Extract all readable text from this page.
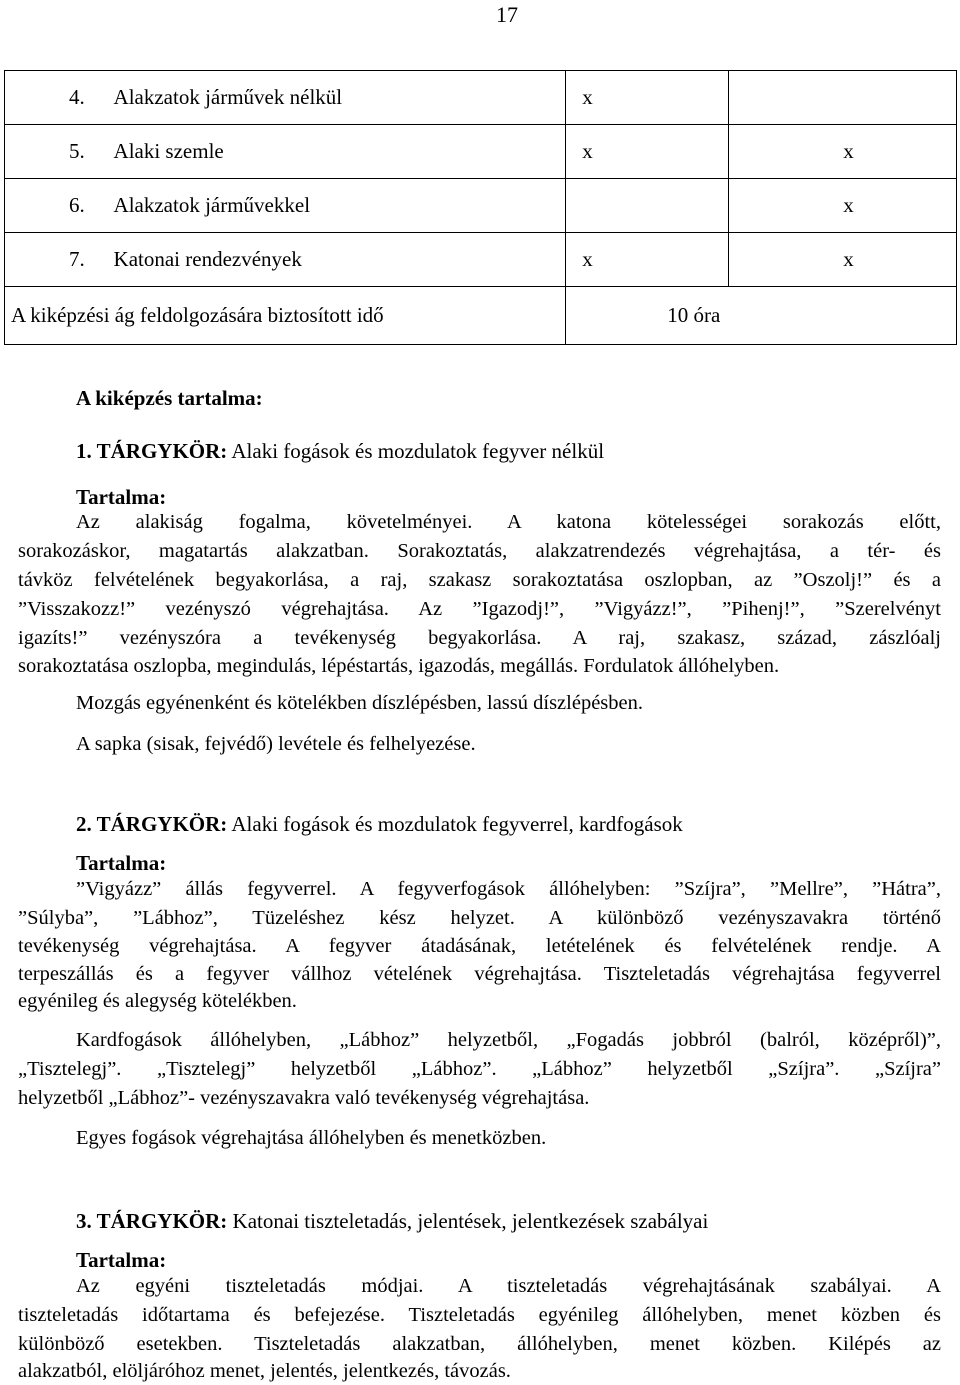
17
4.	Alakzatok járművek nélkül	x	
5.	Alaki szemle	x	x
6.	Alakzatok járművekkel		x
7.	Katonai rendezvények	x	x
A kiképzési ág feldolgozására biztosított idő		10 óra	
A kiképzés tartalma:
1. TÁRGYKÖR: Alaki fogások és mozdulatok fegyver nélkül
Tartalma:
Az alakiság fogalma, követelményei. A katona kötelességei sorakozás előtt,
sorakozáskor, magatartás alakzatban. Sorakoztatás, alakzatrendezés végrehajtása, a tér- és
távköz felvételének begyakorlása, a raj, szakasz sorakoztatása oszlopban, az ”Oszolj!” és a
”Visszakozz!” vezényszó végrehajtása. Az ”Igazodj!”, ”Vigyázz!”, ”Pihenj!”, ”Szerelvényt
igazíts!” vezényszóra a tevékenység begyakorlása. A raj, szakasz, század, zászlóalj
sorakoztatása oszlopba, megindulás, lépéstartás, igazodás, megállás. Fordulatok állóhelyben.
Mozgás egyénenként és kötelékben díszlépésben, lassú díszlépésben.
A sapka (sisak, fejvédő) levétele és felhelyezése.
2. TÁRGYKÖR: Alaki fogások és mozdulatok fegyverrel, kardfogások
Tartalma:
”Vigyázz” állás fegyverrel. A fegyverfogások állóhelyben: ”Szíjra”, ”Mellre”, ”Hátra”,
”Súlyba”, ”Lábhoz”, Tüzeléshez kész helyzet. A különböző vezényszavakra történő
tevékenység végrehajtása. A fegyver átadásának, letételének és felvételének rendje. A
terpeszállás és a fegyver vállhoz vételének végrehajtása. Tiszteletadás végrehajtása fegyverrel
egyénileg és alegység kötelékben.
Kardfogások állóhelyben, „Lábhoz” helyzetből, „Fogadás jobbról (balról, középről)”,
„Tisztelegj”. „Tisztelegj” helyzetből „Lábhoz”. „Lábhoz” helyzetből „Szíjra”. „Szíjra”
helyzetből „Lábhoz”- vezényszavakra való tevékenység végrehajtása.
Egyes fogások végrehajtása állóhelyben és menetközben.
3. TÁRGYKÖR: Katonai tiszteletadás, jelentések, jelentkezések szabályai
Tartalma:
Az egyéni tiszteletadás módjai. A tiszteletadás végrehajtásának szabályai. A
tiszteletadás időtartama és befejezése. Tiszteletadás egyénileg állóhelyben, menet közben és
különböző esetekben. Tiszteletadás alakzatban, állóhelyben, menet közben. Kilépés az
alakzatból, elöljáróhoz menet, jelentés, jelentkezés, távozás.
